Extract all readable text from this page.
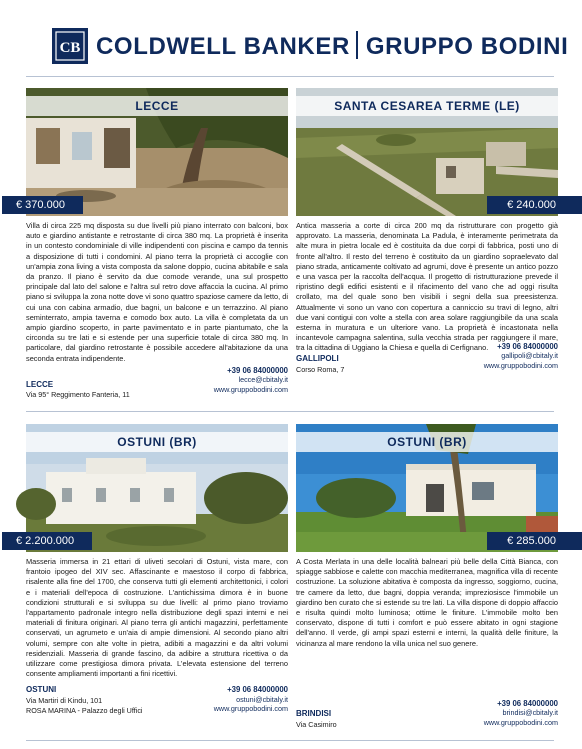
CB COLDWELL BANKER GRUPPO BODINI
LECCE
€ 370.000

Villa di circa 225 mq disposta su due livelli più piano interrato con balconi, box auto e giardino antistante e retrostante di circa 380 mq. La proprietà è inserita in un contesto condominiale di ville indipendenti con piscina e campo da tennis a disposizione di tutti i condomini. Al piano terra la proprietà ci accoglie con un'ampia zona living a vista composta da salone doppio, cucina abitabile e sala da pranzo. Il piano è servito da due comode verande, una sul prospetto principale dal lato del salone e l'altra sul retro dove affaccia la cucina. Al primo piano si sviluppa la zona notte dove vi sono quattro spaziose camere da letto, di cui una con cabina armadio, due bagni, un balcone e un terrazzino. Al piano seminterrato, ampia taverna e comodo box auto. La villa è completata da un ampio giardino scoperto, in parte pavimentato e in parte piantumato, che la circonda su tre lati e si estende per una superficie totale di circa 380 mq. In particolare, dal giardino retrostante è possibile accedere all'abitazione da una seconda entrata indipendente.

LECCE
Via 95° Reggimento Fanteria, 11
+39 06 84000000
lecce@cbitaly.it
www.gruppobodini.com
SANTA CESAREA TERME (LE)
€ 240.000

Antica masseria a corte di circa 200 mq da ristrutturare con progetto già approvato. La masseria, denominata La Padula, è interamente perimetrata da alte mura in pietra locale ed è costituita da due corpi di fabbrica, posti uno di fronte all'altro. Il resto del terreno è costituito da un giardino sopraelevato dal piano strada, anticamente coltivato ad agrumi, dove è presente un antico pozzo e una vasca per la raccolta dell'acqua. Il progetto di ristrutturazione prevede il ripristino degli edifici esistenti e il rifacimento del vano che ad oggi risulta crollato, ma del quale sono ben visibili i segni della sua preesistenza. Attualmente vi sono un vano con copertura a canniccio su travi di legno, altri due vani contigui con volte a stella con area solare raggiungibile da una scala esterna in muratura e un ulteriore vano. La proprietà è incastonata nella incantevole campagna salentina, sulla vecchia strada per raggiungere il mare, tra la cittadina di Uggiano la Chiesa e quella di Cerfignano.

GALLIPOLI
Corso Roma, 7
+39 06 84000000
gallipoli@cbitaly.it
www.gruppobodini.com
OSTUNI (BR)
€ 2.200.000

Masseria immersa in 21 ettari di uliveti secolari di Ostuni, vista mare, con frantoio ipogeo del XIV sec. Affascinante e maestoso il corpo di fabbrica, risalente alla fine del 1700, che conserva tutti gli elementi architettonici, i colori e i materiali dell'epoca di costruzione. L'antichissima dimora è in buone condizioni strutturali e si sviluppa su due livelli: al primo piano troviamo l'appartamento padronale integro nella distribuzione degli spazi interni e nei materiali di finitura originari. Al piano terra gli antichi magazzini, perfettamente conservati, un agrumeto e un'aia di ampie dimensioni. Al secondo piano altri volumi, sempre con alte volte in pietra, adibiti a magazzini e da altri volumi residenziali. Masseria di grande fascino, da adibire a struttura ricettiva o da utilizzare come prestigiosa dimora privata. L'elevata estensione del terreno consente ampliamenti importanti a fini ricettivi.

OSTUNI
Via Martiri di Kindu, 101
ROSA MARINA - Palazzo degli Uffici
+39 06 84000000
ostuni@cbitaly.it
www.gruppobodini.com
OSTUNI (BR)
€ 285.000

A Costa Merlata in una delle località balneari più belle della Città Bianca, con spiagge sabbiose e calette con macchia mediterranea, magnifica villa di recente costruzione. La soluzione abitativa è composta da ingresso, soggiorno, cucina, tre camere da letto, due bagni, doppia veranda; impreziosisce l'immobile un giardino ben curato che si estende su tre lati. La villa dispone di doppio affaccio e risulta quindi molto luminosa; ottime le finiture. L'immobile molto ben conservato, dispone di tutti i comfort e può essere abitato in ogni stagione dell'anno. Il verde, gli ampi spazi esterni e interni, la qualità delle finiture, la vicinanza al mare rendono la villa unica nel suo genere.

BRINDISI
Via Casimiro
+39 06 84000000
brindisi@cbitaly.it
www.gruppobodini.com
